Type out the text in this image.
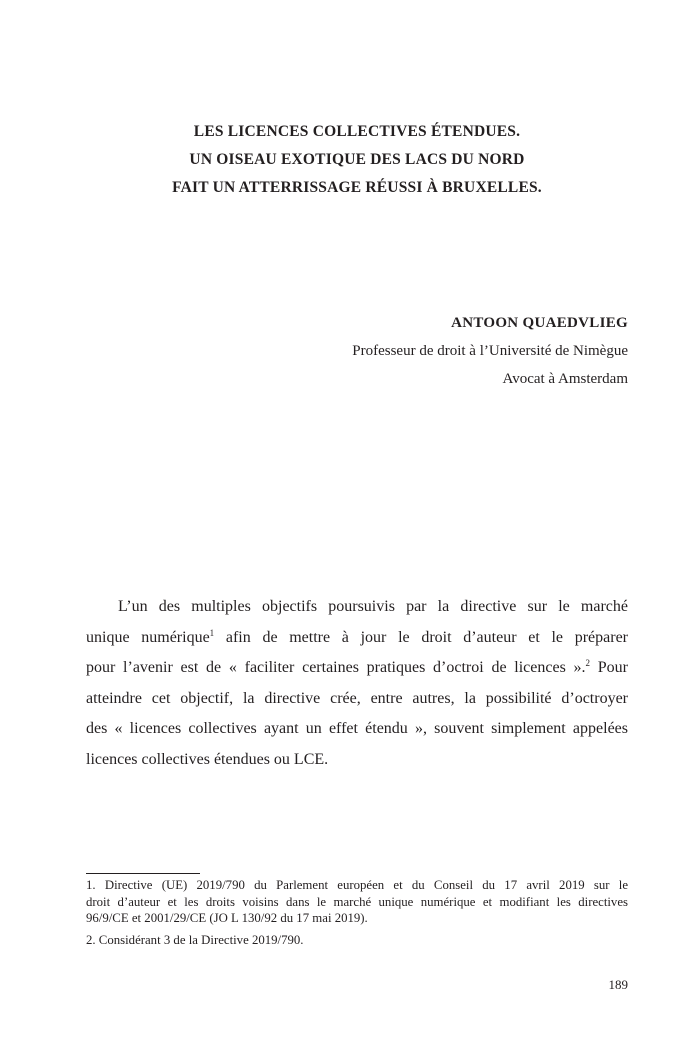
LES LICENCES COLLECTIVES ÉTENDUES.
UN OISEAU EXOTIQUE DES LACS DU NORD
FAIT UN ATTERRISSAGE RÉUSSI À BRUXELLES.
ANTOON QUAEDVLIEG
Professeur de droit à l’Université de Nimègue
Avocat à Amsterdam
L’un des multiples objectifs poursuivis par la directive sur le marché
unique numérique$^1$ afin de mettre à jour le droit d’auteur et le préparer
pour l’avenir est de « faciliter certaines pratiques d’octroi de licences ».$^2$ Pour
atteindre cet objectif, la directive crée, entre autres, la possibilité d’octroyer
des « licences collectives ayant un effet étendu », souvent simplement appelées
licences collectives étendues ou LCE.
1. Directive (UE) 2019/790 du Parlement européen et du Conseil du 17 avril 2019 sur le
droit d’auteur et les droits voisins dans le marché unique numérique et modifiant les directives
96/9/CE et 2001/29/CE (JO L 130/92 du 17 mai 2019).
2. Considérant 3 de la Directive 2019/790.
189
